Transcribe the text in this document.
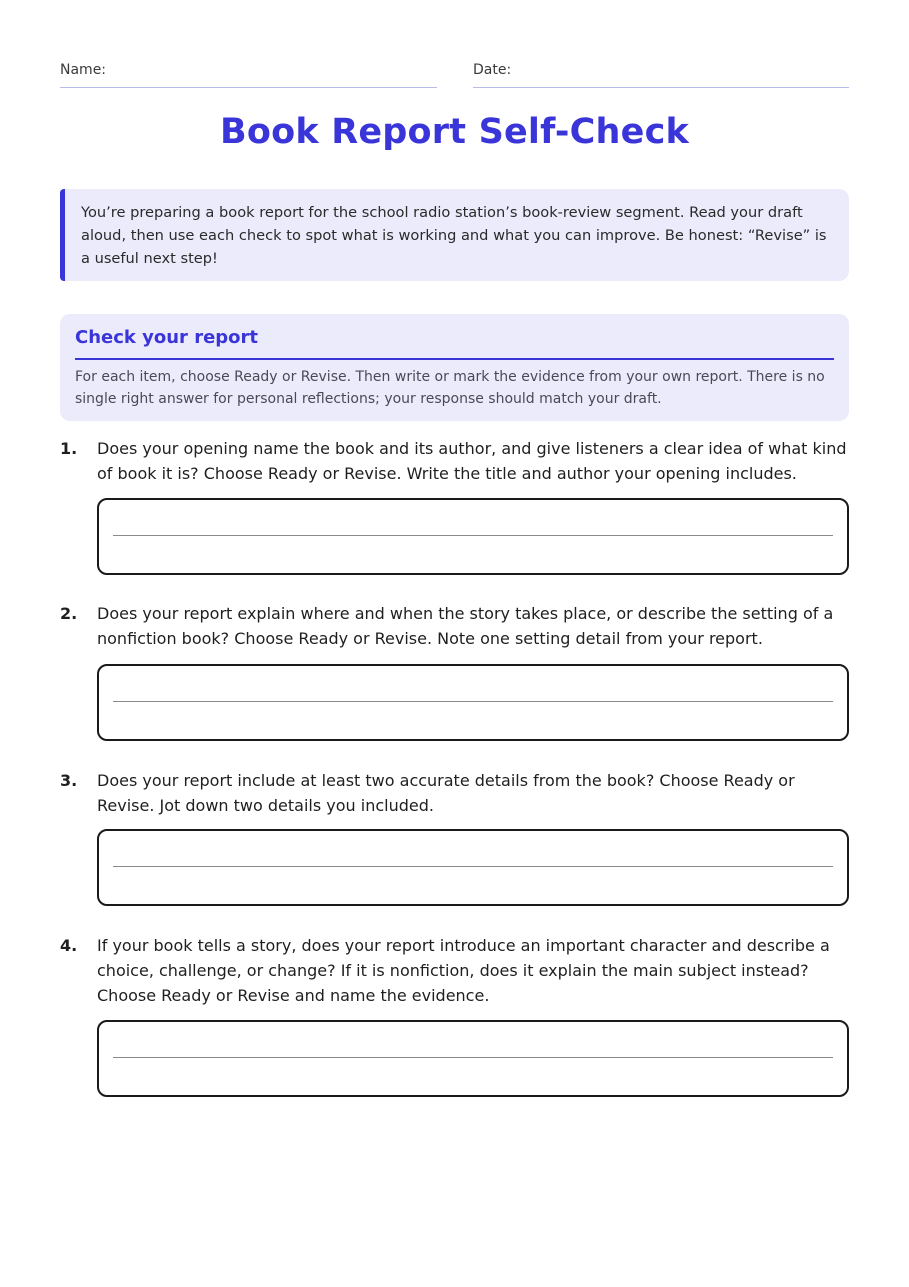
Name:	Date:
Book Report Self-Check

You’re preparing a book report for the school radio station’s book-review segment. Read your draft aloud, then use each check to spot what is working and what you can improve. Be honest: “Revise” is a useful next step!

Check your report

For each item, choose Ready or Revise. Then write or mark the evidence from your own report. There is no single right answer for personal reflections; your response should match your draft.

1. Does your opening name the book and its author, and give listeners a clear idea of what kind of book it is? Choose Ready or Revise. Write the title and author your opening includes.

2. Does your report explain where and when the story takes place, or describe the setting of a nonfiction book? Choose Ready or Revise. Note one setting detail from your report.

3. Does your report include at least two accurate details from the book? Choose Ready or Revise. Jot down two details you included.

4. If your book tells a story, does your report introduce an important character and describe a choice, challenge, or change? If it is nonfiction, does it explain the main subject instead? Choose Ready or Revise and name the evidence.
